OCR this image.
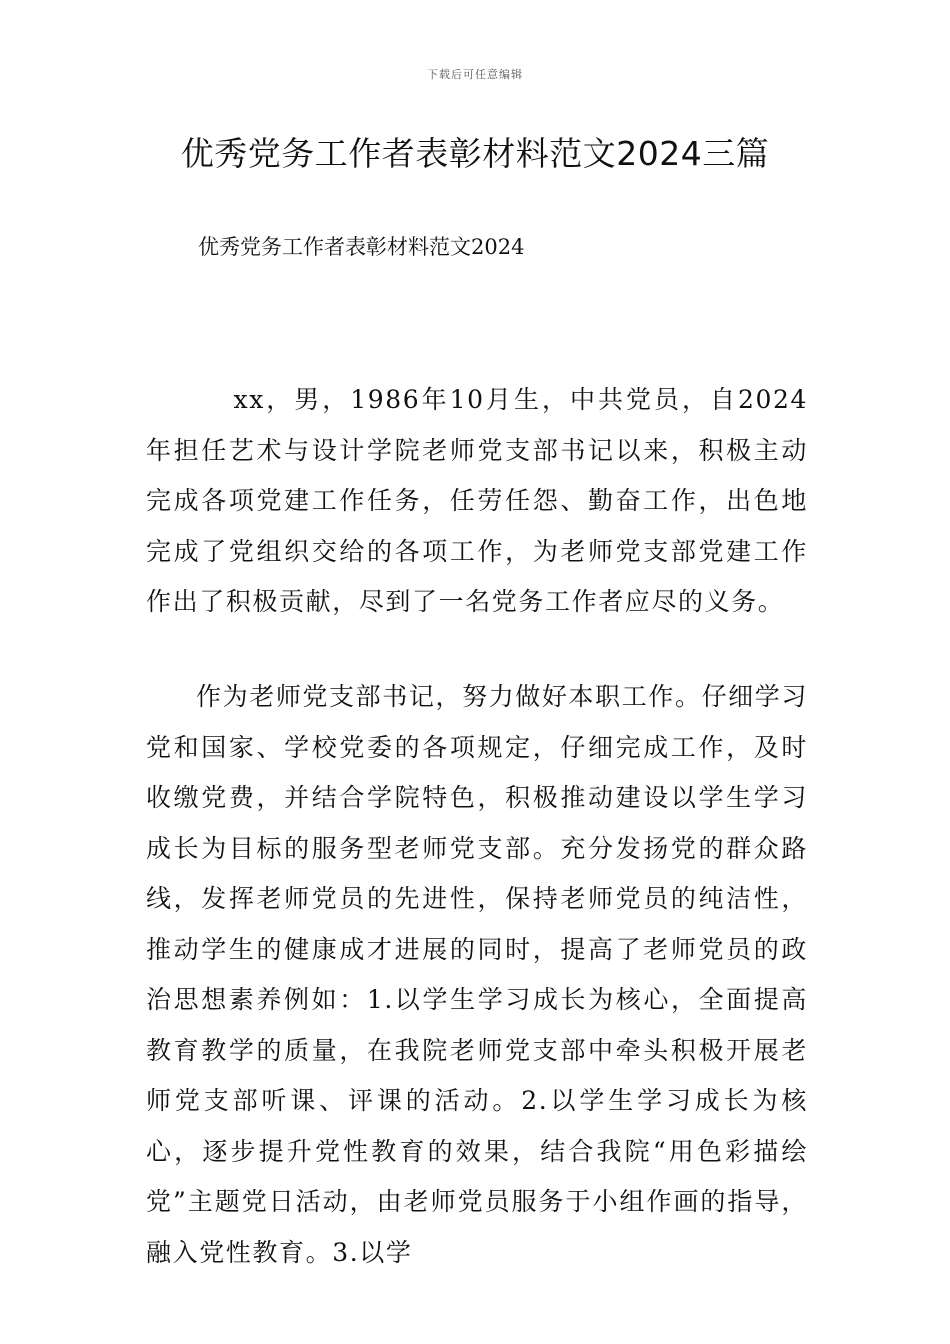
下载后可任意编辑
优秀党务工作者表彰材料范文2024三篇

优秀党务工作者表彰材料范文2024

xx，男，1986年10月生，中共党员，自2024年担任艺术与设计学院老师党支部书记以来，积极主动完成各项党建工作任务，任劳任怨、勤奋工作，出色地完成了党组织交给的各项工作，为老师党支部党建工作作出了积极贡献，尽到了一名党务工作者应尽的义务。

作为老师党支部书记，努力做好本职工作。仔细学习党和国家、学校党委的各项规定，仔细完成工作，及时收缴党费，并结合学院特色，积极推动建设以学生学习成长为目标的服务型老师党支部。充分发扬党的群众路线，发挥老师党员的先进性，保持老师党员的纯洁性，推动学生的健康成才进展的同时，提高了老师党员的政治思想素养例如：1.以学生学习成长为核心，全面提高教育教学的质量，在我院老师党支部中牵头积极开展老师党支部听课、评课的活动。2.以学生学习成长为核心，逐步提升党性教育的效果，结合我院“用色彩描绘党”主题党日活动，由老师党员服务于小组作画的指导，融入党性教育。3.以学
